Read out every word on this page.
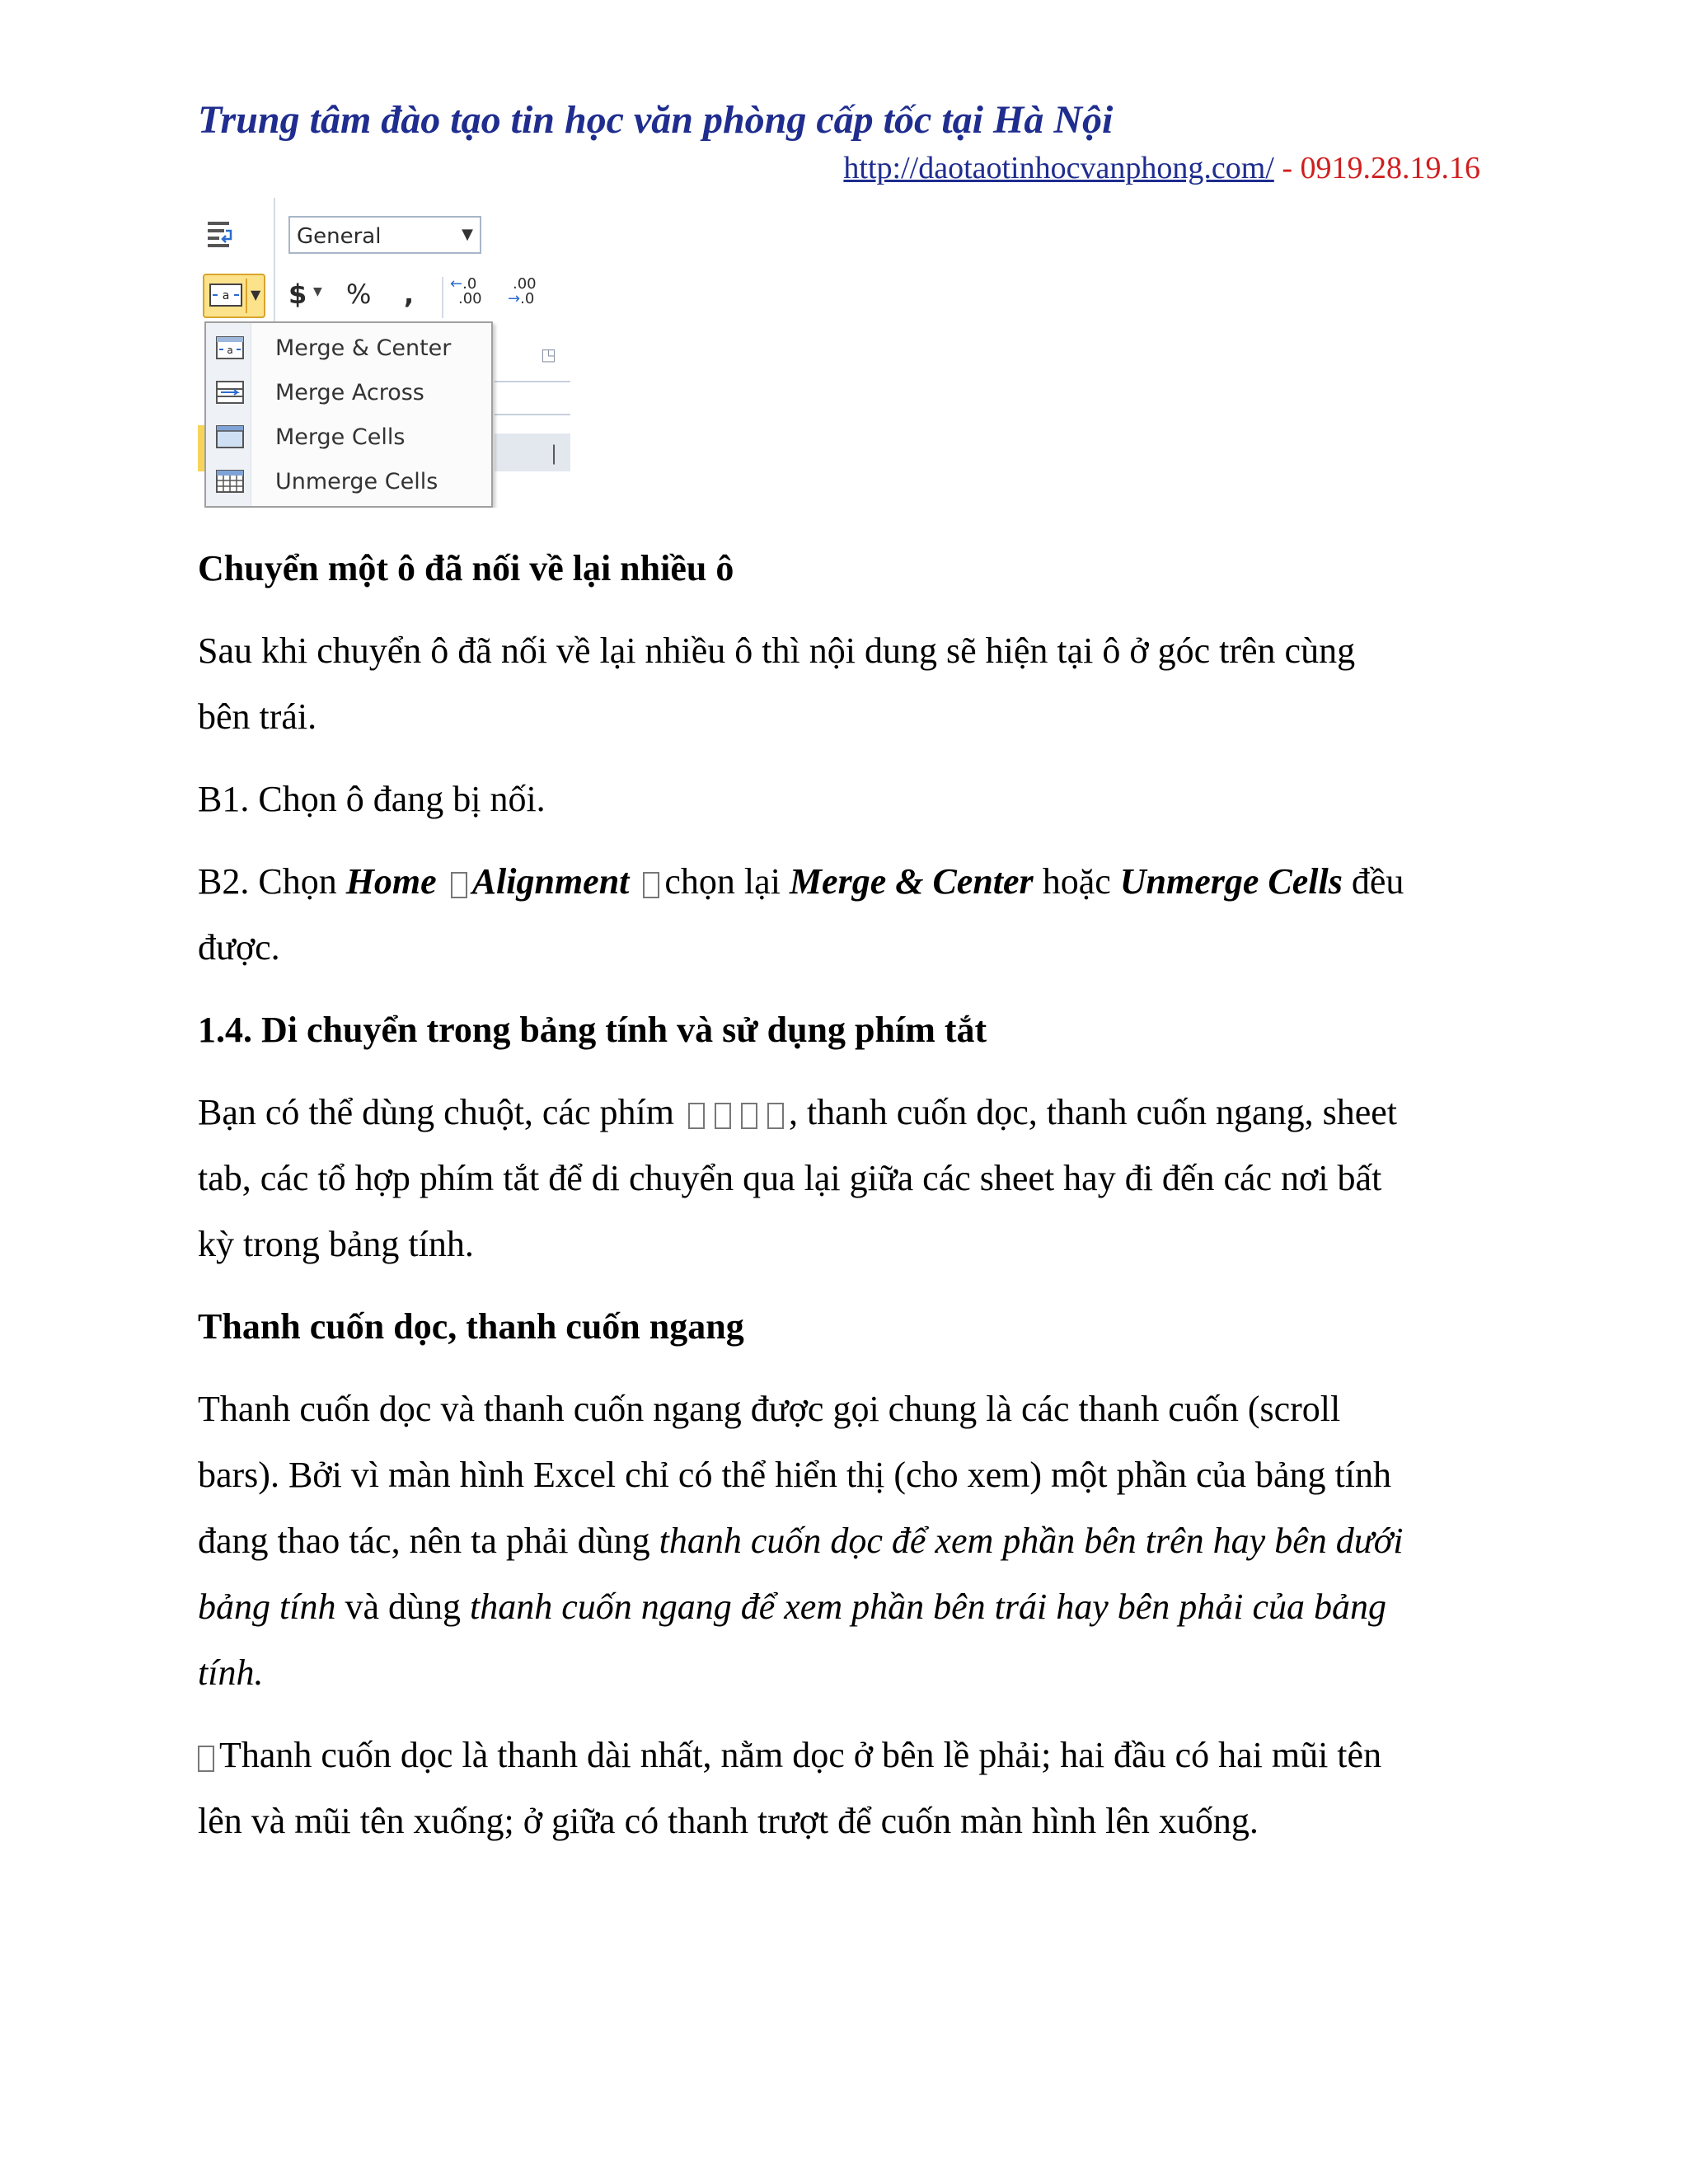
Trung tâm đào tạo tin học văn phòng cấp tốc tại Hà Nội
http://daotaotinhocvanphong.com/ - 0919.28.19.16
General	▼
a ▼ $ ▼ % , ←.0
.00
.00
→.0
◳
|
a Merge & Center
Merge Across
Merge Cells
Unmerge Cells
Chuyển một ô đã nối về lại nhiều ô
Sau khi chuyển ô đã nối về lại nhiều ô thì nội dung sẽ hiện tại ô ở góc trên cùng
bên trái.
B1. Chọn ô đang bị nối.
B2. Chọn Home Alignment chọn lại Merge & Center hoặc Unmerge Cells đều
được.
1.4. Di chuyển trong bảng tính và sử dụng phím tắt
Bạn có thể dùng chuột, các phím	, thanh cuốn dọc, thanh cuốn ngang, sheet
tab, các tổ hợp phím tắt để di chuyển qua lại giữa các sheet hay đi đến các nơi bất
kỳ trong bảng tính.
Thanh cuốn dọc, thanh cuốn ngang
Thanh cuốn dọc và thanh cuốn ngang được gọi chung là các thanh cuốn (scroll
bars). Bởi vì màn hình Excel chỉ có thể hiển thị (cho xem) một phần của bảng tính
đang thao tác, nên ta phải dùng thanh cuốn dọc để xem phần bên trên hay bên dưới
bảng tính và dùng thanh cuốn ngang để xem phần bên trái hay bên phải của bảng
tính.
Thanh cuốn dọc là thanh dài nhất, nằm dọc ở bên lề phải; hai đầu có hai mũi tên
lên và mũi tên xuống; ở giữa có thanh trượt để cuốn màn hình lên xuống.
